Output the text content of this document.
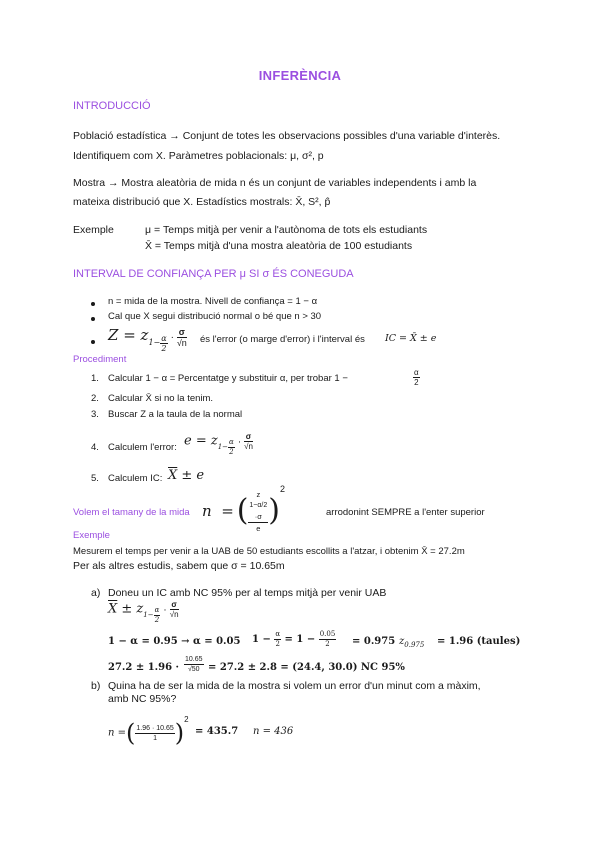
INFERÈNCIA
INTRODUCCIÓ
Població estadística → Conjunt de totes les observacions possibles d'una variable d'interès.
Identifiquem com X. Paràmetres poblacionals: μ, σ², p
Mostra → Mostra aleatòria de mida n és un conjunt de variables independents i amb la
mateixa distribució que X. Estadístics mostrals: X̄, S², p̂
Exemple	μ = Temps mitjà per venir a l'autònoma de tots els estudiants
X̄ = Temps mitjà d'una mostra aleatòria de 100 estudiants
INTERVAL DE CONFIANÇA PER μ SI σ ÉS CONEGUDA
n = mida de la mostra. Nivell de confiança = 1 − α
Cal que X segui distribució normal o bé que n > 30
$Z = z_{1- \frac{\alpha}{2}} \cdot \frac{\sigma}{√n}$ és l'error (o marge d'error) i l'interval és IC = X̄ ± e
Procediment
1. Calcular 1 − α = Percentatge y substituir α, per trobar 1 −	$\frac{\alpha}{2}$
2. Calcular X̄ si no la tenim.
3. Buscar Z a la taula de la normal
4. Calculem l'error: $e = z_{1- \frac{\alpha}{2}} \cdot \frac{\sigma}{√n}$
5. Calculem IC: $\overline{X} \pm e$
Volem el tamany de la mida n  = ( z
1−α/2
·σ
e )2
arrodonint SEMPRE a l'enter superior
Exemple
Mesurem el temps per venir a la UAB de 50 estudiants escollits a l'atzar, i obtenim X̄ = 27.2m
Per als altres estudis, sabem que σ = 10.65m
a) Doneu un IC amb NC 95% per al temps mitjà per venir UAB
$\overline{X} \pm z_{1- \frac{\alpha}{2}} \cdot \frac{\sigma}{√n}$
1 − α = 0.95 → α = 0.05 $1 - \frac{\alpha}{2} = 1 - \frac{0.05}{2} = 0.975$ $z_{0.975} = 1.96$ (taules)
$27.2 \pm 1.96 \cdot \frac{10.65}{√50} = 27.2 \pm 2.8 = (24.4$, 30.0) NC 95%
b) Quina ha de ser la mida de la mostra si volem un error d'un minut com a màxim,
amb NC 95%?
n =( $\frac{1.96 \cdot 10.65}{1} )^2$
= 435.7 n = 436
